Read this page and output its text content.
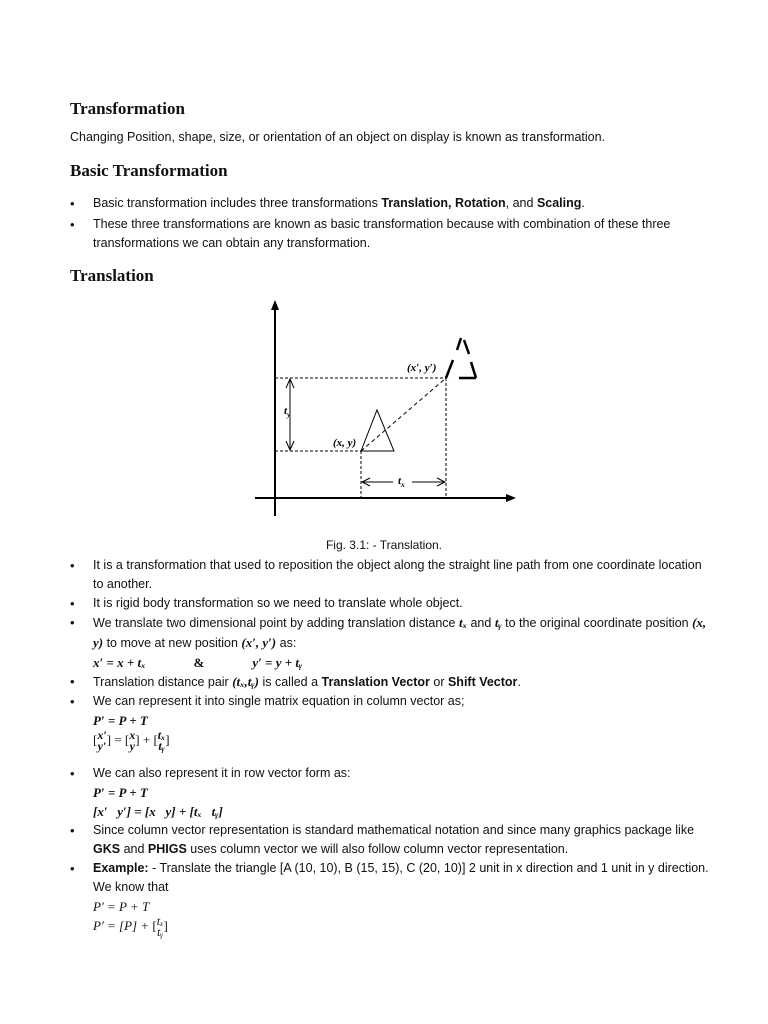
Transformation
Changing Position, shape, size, or orientation of an object on display is known as transformation.
Basic Transformation
• Basic transformation includes three transformations Translation, Rotation, and Scaling.
• These three transformations are known as basic transformation because with combination of these three transformations we can obtain any transformation.
Translation
(x′, y′)
(x, y)
$t_y$
$t_x$
Fig. 3.1: - Translation.
• It is a transformation that used to reposition the object along the straight line path from one coordinate location to another.
• It is rigid body transformation so we need to translate whole object.
• We translate two dimensional point by adding translation distance tₓ and tᵧ to the original coordinate position (x, y) to move at new position (x′, y′) as:
x′ = x + tₓ	&	y′ = y + tᵧ
• Translation distance pair (tₓ,tᵧ) is called a Translation Vector or Shift Vector.
• We can represent it into single matrix equation in column vector as;
P′ = P + T
[x′
y′] = [x
y] + [tₓ
tᵧ]
• We can also represent it in row vector form as:
P′ = P + T
[x′   y′] = [x   y] + [tₓ   tᵧ]
• Since column vector representation is standard mathematical notation and since many graphics package like GKS and PHIGS uses column vector we will also follow column vector representation.
• Example: - Translate the triangle [A (10, 10), B (15, 15), C (20, 10)] 2 unit in x direction and 1 unit in y direction.
We know that
P′ = P + T
P′ = [P] + [tₓ
tᵧ]
